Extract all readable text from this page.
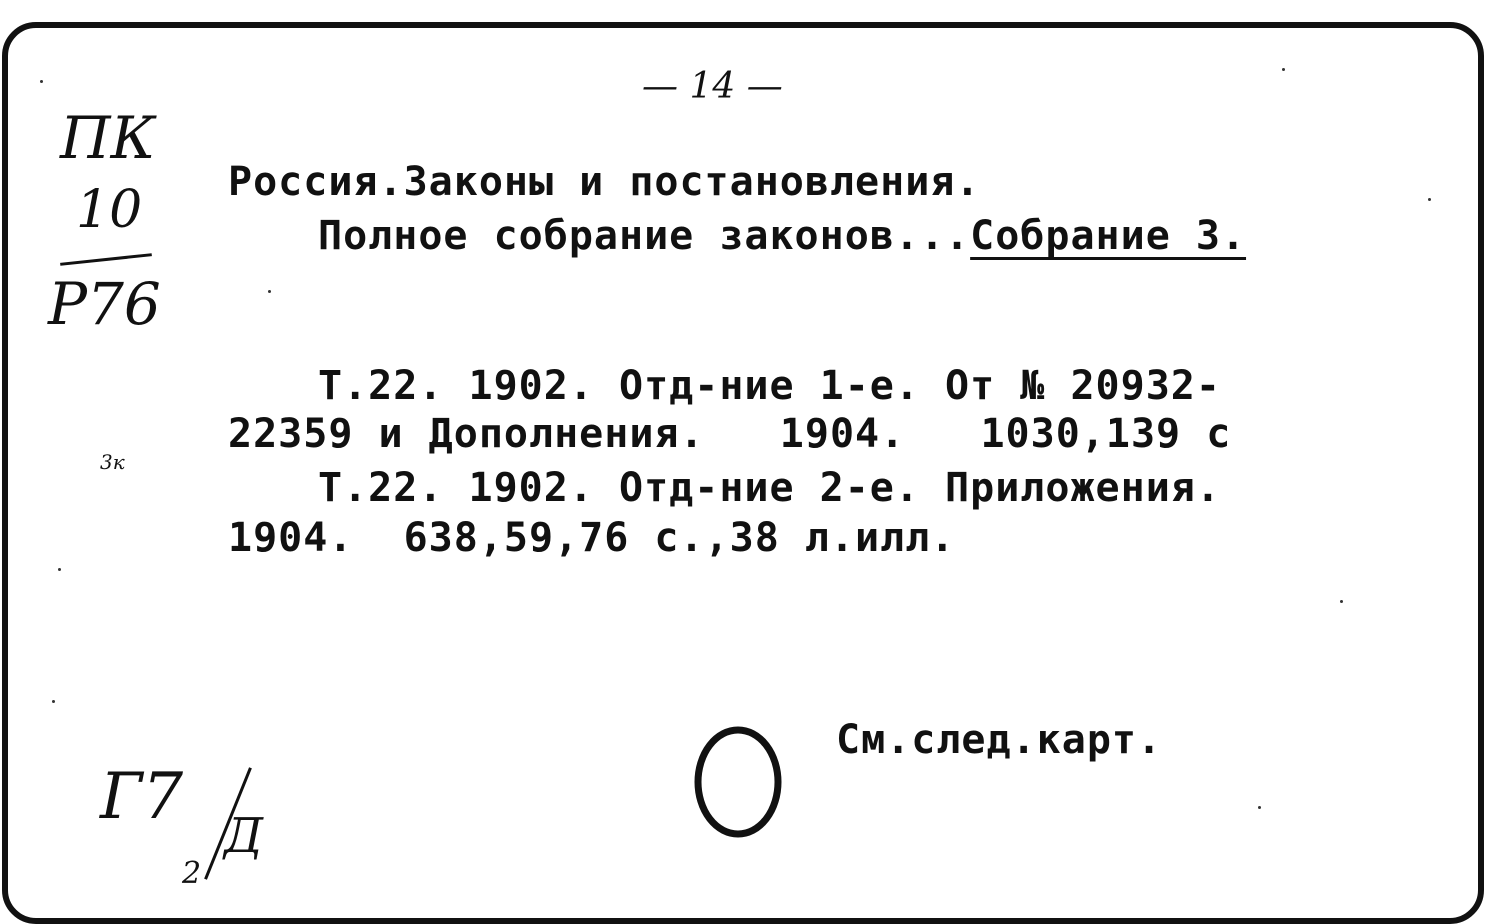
— 14 —
ПК
10
Р76
3к
Россия.Законы и постановления.
Полное собрание законов...Собрание 3.
Т.22. 1902. Отд-ние 1-е. От № 20932-
22359 и Дополнения.   1904.   1030,139 с
Т.22. 1902. Отд-ние 2-е. Приложения.
1904.  638,59,76 с.,38 л.илл.
См.след.карт.
Г7
2
Д
